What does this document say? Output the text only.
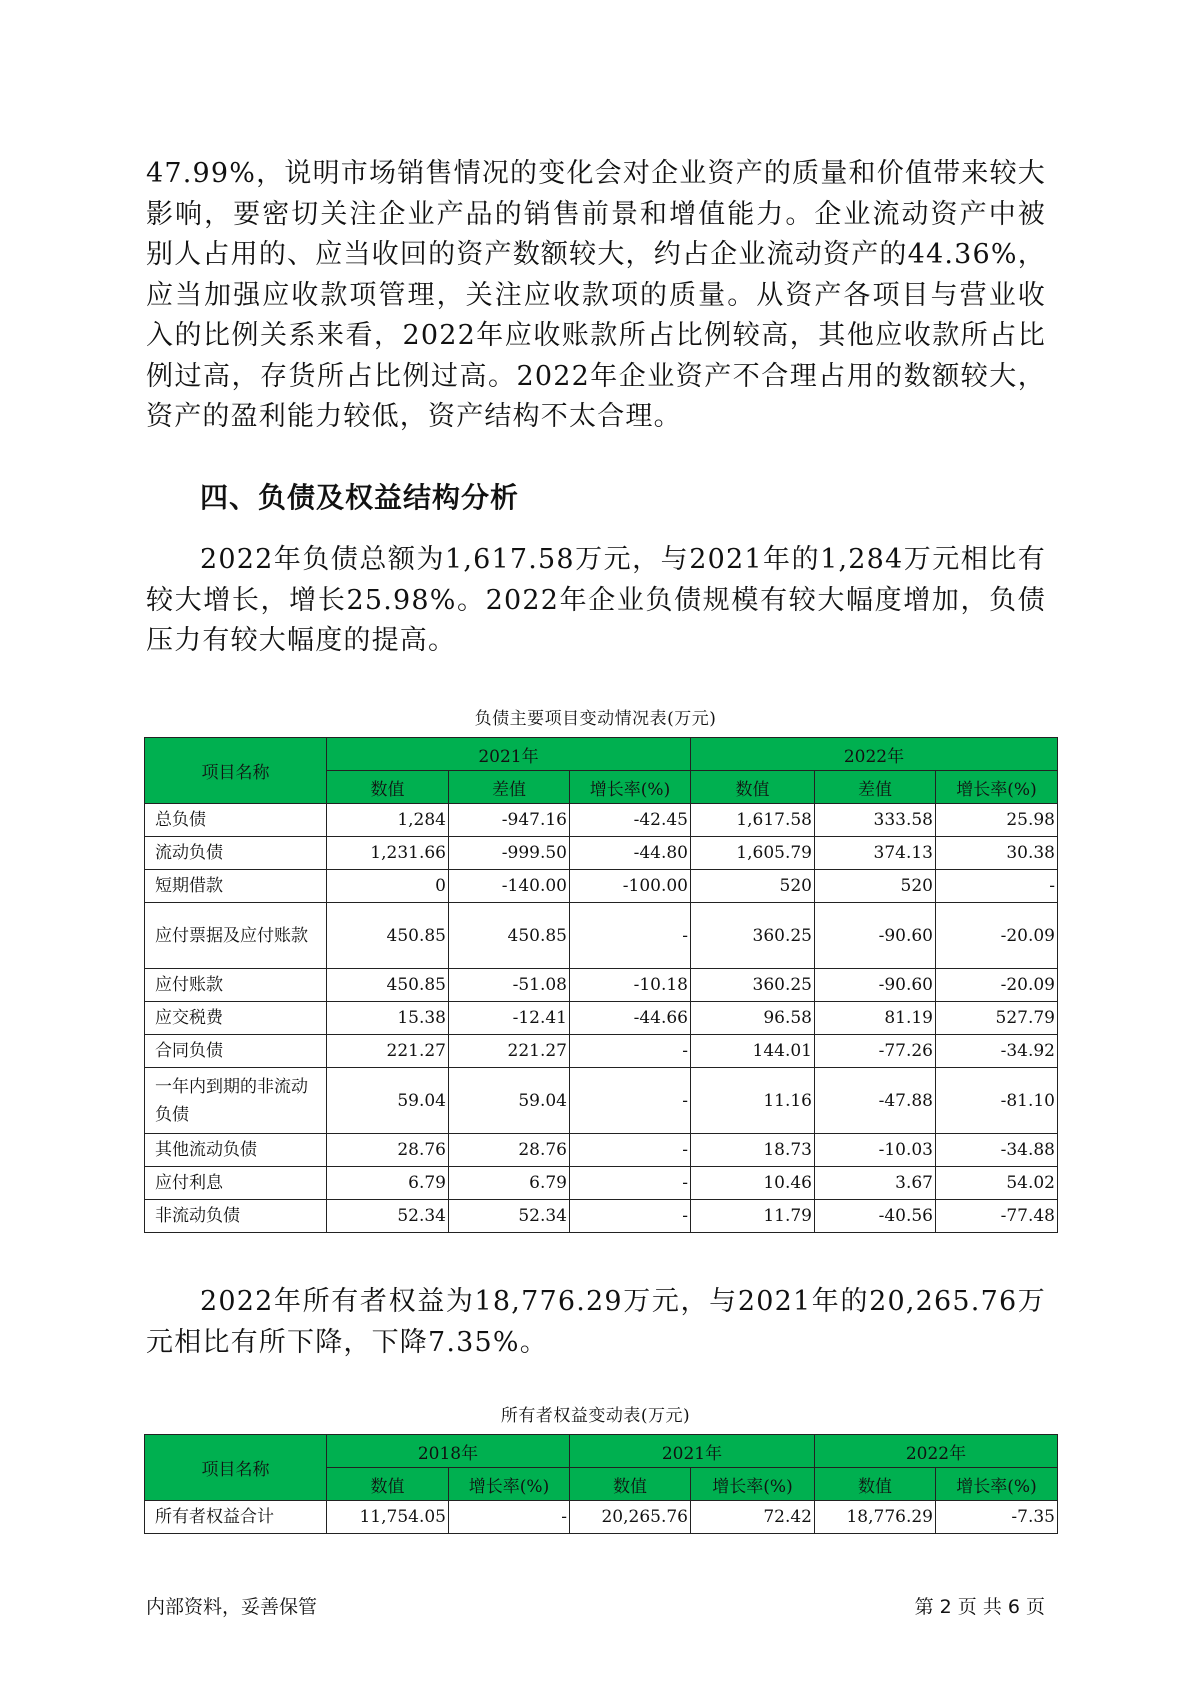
47.99%，说明市场销售情况的变化会对企业资产的质量和价值带来较大影响，要密切关注企业产品的销售前景和增值能力。企业流动资产中被别人占用的、应当收回的资产数额较大，约占企业流动资产的44.36%，应当加强应收款项管理，关注应收款项的质量。从资产各项目与营业收入的比例关系来看，2022年应收账款所占比例较高，其他应收款所占比例过高，存货所占比例过高。2022年企业资产不合理占用的数额较大，资产的盈利能力较低，资产结构不太合理。

四、负债及权益结构分析

2022年负债总额为1,617.58万元，与2021年的1,284万元相比有较大增长，增长25.98%。2022年企业负债规模有较大幅度增加，负债压力有较大幅度的提高。

负债主要项目变动情况表(万元)
项目名称	2021年			2022年		
	数值	差值	增长率(%)	数值	差值	增长率(%)
总负债	1,284	-947.16	-42.45	1,617.58	333.58	25.98
流动负债	1,231.66	-999.50	-44.80	1,605.79	374.13	30.38
短期借款	0	-140.00	-100.00	520	520	-
应付票据及应付账款	450.85	450.85	-	360.25	-90.60	-20.09
应付账款	450.85	-51.08	-10.18	360.25	-90.60	-20.09
应交税费	15.38	-12.41	-44.66	96.58	81.19	527.79
合同负债	221.27	221.27	-	144.01	-77.26	-34.92
一年内到期的非流动负债	59.04	59.04	-	11.16	-47.88	-81.10
其他流动负债	28.76	28.76	-	18.73	-10.03	-34.88
应付利息	6.79	6.79	-	10.46	3.67	54.02
非流动负债	52.34	52.34	-	11.79	-40.56	-77.48

2022年所有者权益为18,776.29万元，与2021年的20,265.76万元相比有所下降，下降7.35%。

所有者权益变动表(万元)
项目名称	2018年		2021年		2022年	
	数值	增长率(%)	数值	增长率(%)	数值	增长率(%)
所有者权益合计	11,754.05	-	20,265.76	72.42	18,776.29	-7.35
内部资料，妥善保管	第 2 页 共 6 页
